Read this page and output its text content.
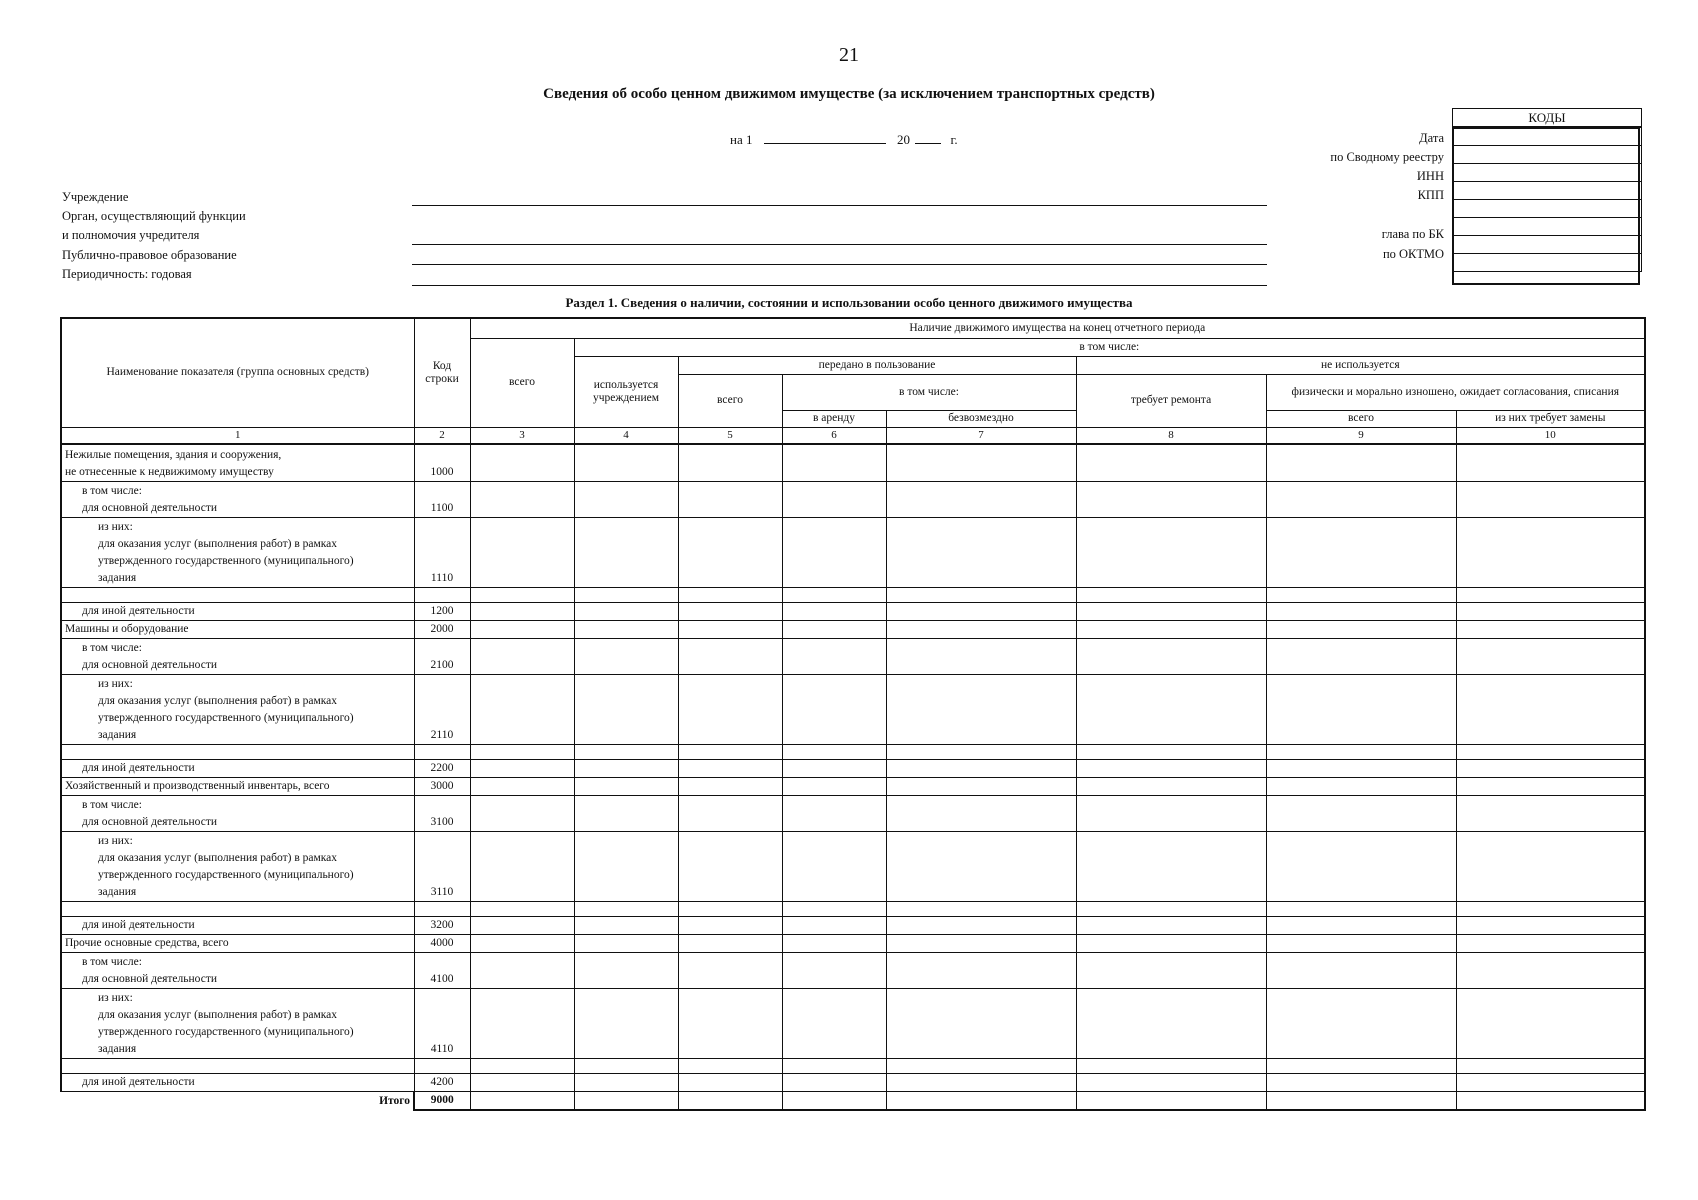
21
Сведения об особо ценном движимом имуществе (за исключением транспортных средств)
на 1	20	г.
Учреждение
Орган, осуществляющий функции
и полномочия учредителя
Публично-правовое образование
Периодичность: годовая
Дата
по Сводному реестру
ИНН
КПП
глава по БК
по ОКТМО
КОДЫ

Раздел 1. Сведения о наличии, состоянии и использовании особо ценного движимого имущества
Наименование показателя (группа основных средств)	Код строки	Наличие движимого имущества на конец отчетного периода							
		всего	в том числе:						
			используется учреждением	передано в пользование			не используется		
				всего	в том числе:		требует ремонта	физически и морально изношено, ожидает согласования, списания	
					в аренду	безвозмездно		всего	из них требует замены
1	2	3	4	5	6	7	8	9	10
Нежилые помещения, здания и сооружения,
не отнесенные к недвижимому имуществу	1000								
в том числе:
для основной деятельности	1100								
из них:
для оказания услуг (выполнения работ) в рамках
утвержденного государственного (муниципального)
задания	1110								

для иной деятельности	1200								
Машины и оборудование	2000								
в том числе:
для основной деятельности	2100								
из них:
для оказания услуг (выполнения работ) в рамках
утвержденного государственного (муниципального)
задания	2110								

для иной деятельности	2200								
Хозяйственный и производственный инвентарь, всего	3000								
в том числе:
для основной деятельности	3100								
из них:
для оказания услуг (выполнения работ) в рамках
утвержденного государственного (муниципального)
задания	3110								

для иной деятельности	3200								
Прочие основные средства, всего	4000								
в том числе:
для основной деятельности	4100								
из них:
для оказания услуг (выполнения работ) в рамках
утвержденного государственного (муниципального)
задания	4110								

для иной деятельности	4200								
Итого	9000								
